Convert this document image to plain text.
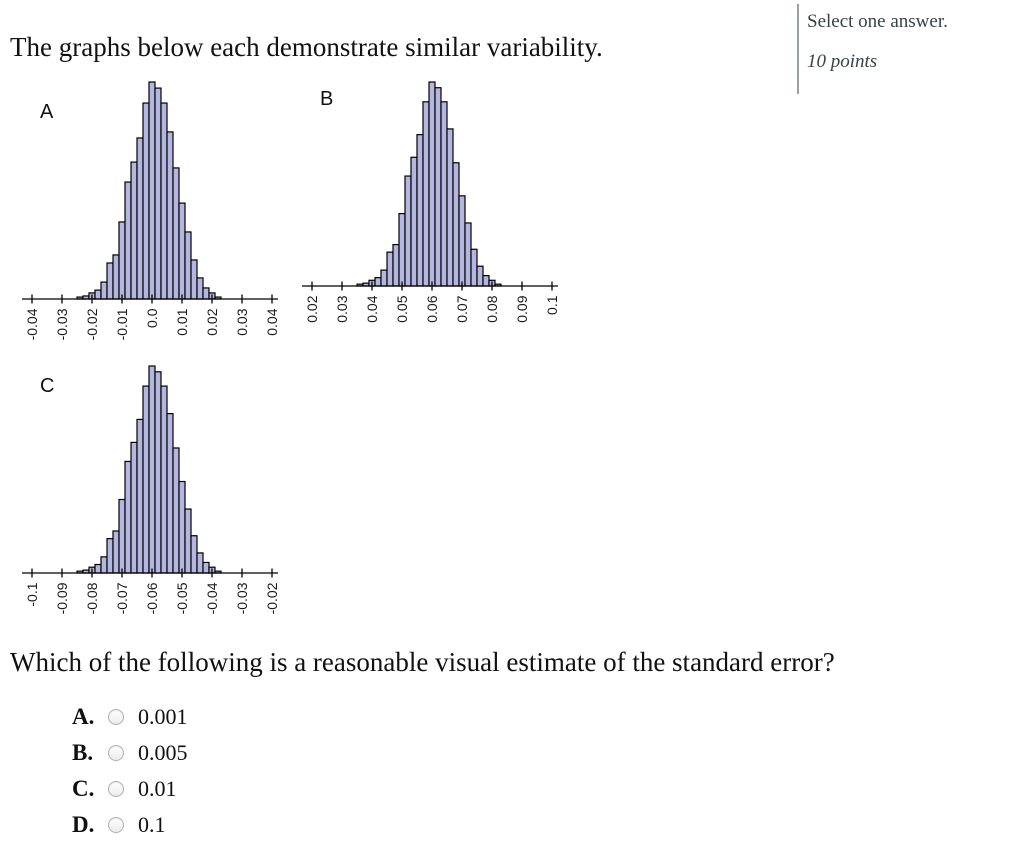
The graphs below each demonstrate similar variability.
Select one answer.
10 points
-0.04 -0.03 -0.02 -0.01 0.0 0.01 0.02 0.03 0.04
A
0.02 0.03 0.04 0.05 0.06 0.07 0.08 0.09 0.1
B
-0.1 -0.09 -0.08 -0.07 -0.06 -0.05 -0.04 -0.03 -0.02
C
Which of the following is a reasonable visual estimate of the standard error?
A.	0.001
B.	0.005
C.	0.01
D.	0.1
